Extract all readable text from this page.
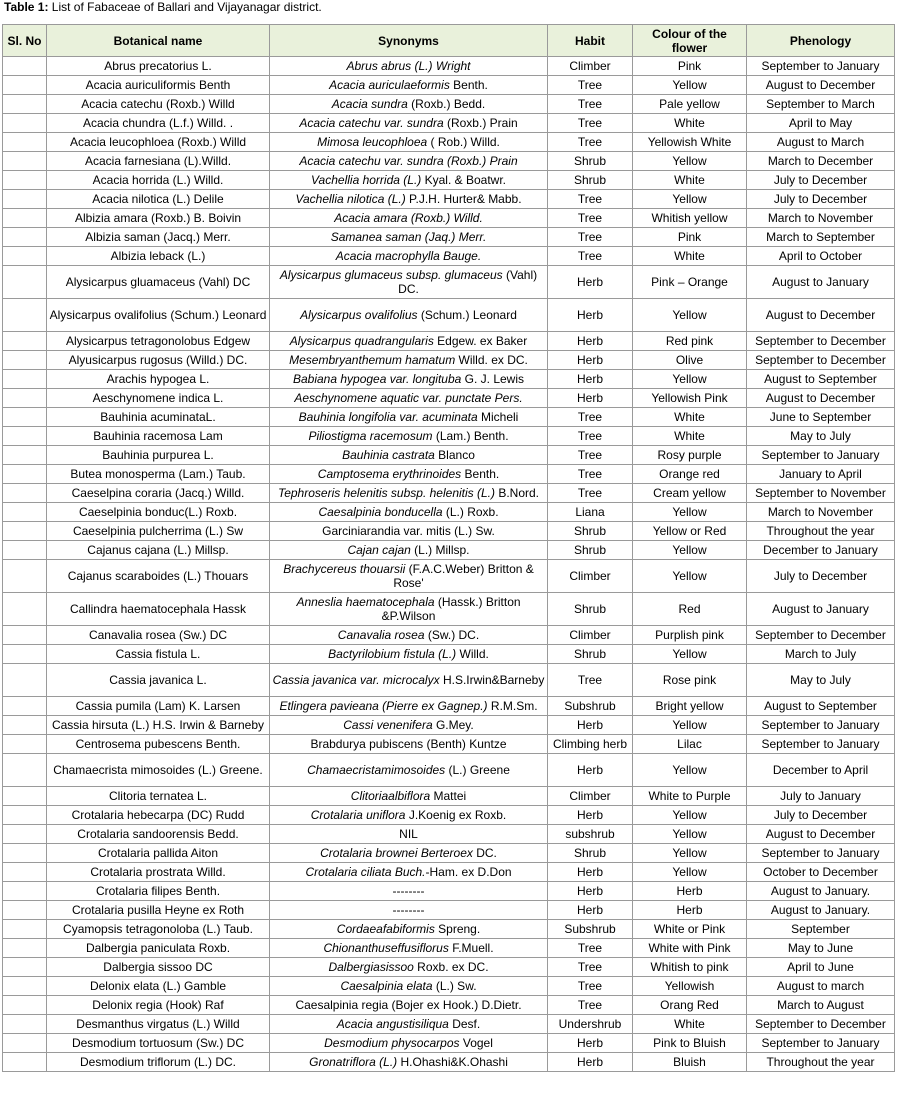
Table 1: List of Fabaceae of Ballari and Vijayanagar district.
Sl. No	Botanical name	Synonyms	Habit	Colour of the flower	Phenology
	Abrus precatorius L.	Abrus abrus (L.) Wright	Climber	Pink	September to January
	Acacia auriculiformis Benth	Acacia auriculaeformis Benth.	Tree	Yellow	August to December
	Acacia catechu (Roxb.) Willd	Acacia sundra (Roxb.) Bedd.	Tree	Pale yellow	September to March
	Acacia chundra (L.f.) Willd. .	Acacia catechu var. sundra (Roxb.) Prain	Tree	White	April to May
	Acacia leucophloea (Roxb.) Willd	Mimosa leucophloea ( Rob.) Willd.	Tree	Yellowish White	August to March
	Acacia farnesiana (L).Willd.	Acacia catechu var. sundra (Roxb.) Prain	Shrub	Yellow	March to December
	Acacia horrida (L.) Willd.	Vachellia horrida (L.) Kyal. & Boatwr.	Shrub	White	July to December
	Acacia nilotica (L.) Delile	Vachellia nilotica (L.) P.J.H. Hurter& Mabb.	Tree	Yellow	July to December
	Albizia amara (Roxb.) B. Boivin	Acacia amara (Roxb.) Willd.	Tree	Whitish yellow	March to November
	Albizia saman (Jacq.) Merr.	Samanea saman (Jaq.) Merr.	Tree	Pink	March to September
	Albizia leback (L.)	Acacia macrophylla Bauge.	Tree	White	April to October
	Alysicarpus gluamaceus (Vahl) DC	Alysicarpus glumaceus subsp. glumaceus (Vahl) DC.	Herb	Pink – Orange	August to January
	Alysicarpus ovalifolius (Schum.) Leonard	Alysicarpus ovalifolius (Schum.) Leonard	Herb	Yellow	August to December
	Alysicarpus tetragonolobus Edgew	Alysicarpus quadrangularis Edgew. ex Baker	Herb	Red pink	September to December
	Alyusicarpus rugosus (Willd.) DC.	Mesembryanthemum hamatum Willd. ex DC.	Herb	Olive	September to December
	Arachis hypogea L.	Babiana hypogea var. longituba G. J. Lewis	Herb	Yellow	August to September
	Aeschynomene indica L.	Aeschynomene aquatic var. punctate Pers.	Herb	Yellowish Pink	August to December
	Bauhinia acuminataL.	Bauhinia longifolia var. acuminata Micheli	Tree	White	June to September
	Bauhinia racemosa Lam	Piliostigma racemosum (Lam.) Benth.	Tree	White	May to July
	Bauhinia purpurea L.	Bauhinia castrata Blanco	Tree	Rosy purple	September to January
	Butea monosperma (Lam.) Taub.	Camptosema erythrinoides Benth.	Tree	Orange red	January to April
	Caeselpina coraria (Jacq.) Willd.	Tephroseris helenitis subsp. helenitis (L.) B.Nord.	Tree	Cream yellow	September to November
	Caeselpinia bonduc(L.) Roxb.	Caesalpinia bonducella (L.) Roxb.	Liana	Yellow	March to November
	Caeselpinia pulcherrima (L.) Sw	Garciniarandia var. mitis (L.) Sw.	Shrub	Yellow or Red	Throughout the year
	Cajanus cajana (L.) Millsp.	Cajan cajan (L.) Millsp.	Shrub	Yellow	December to January
	Cajanus scaraboides (L.) Thouars	Brachycereus thouarsii (F.A.C.Weber) Britton & Rose'	Climber	Yellow	July to December
	Callindra haematocephala Hassk	Anneslia haematocephala (Hassk.) Britton &P.Wilson	Shrub	Red	August to January
	Canavalia rosea (Sw.) DC	Canavalia rosea (Sw.) DC.	Climber	Purplish pink	September to December
	Cassia fistula L.	Bactyrilobium fistula (L.) Willd.	Shrub	Yellow	March to July
	Cassia javanica L.	Cassia javanica var. microcalyx H.S.Irwin&Barneby	Tree	Rose pink	May to July
	Cassia pumila (Lam) K. Larsen	Etlingera pavieana (Pierre ex Gagnep.) R.M.Sm.	Subshrub	Bright yellow	August to September
	Cassia hirsuta (L.) H.S. Irwin & Barneby	Cassi venenifera G.Mey.	Herb	Yellow	September to January
	Centrosema pubescens Benth.	Brabdurya pubiscens (Benth) Kuntze	Climbing herb	Lilac	September to January
	Chamaecrista mimosoides (L.) Greene.	Chamaecristamimosoides (L.) Greene	Herb	Yellow	December to April
	Clitoria ternatea L.	Clitoriaalbiflora Mattei	Climber	White to Purple	July to January
	Crotalaria hebecarpa (DC) Rudd	Crotalaria uniflora J.Koenig ex Roxb.	Herb	Yellow	July to December
	Crotalaria sandoorensis Bedd.	NIL	subshrub	Yellow	August to December
	Crotalaria pallida Aiton	Crotalaria brownei Berteroex DC.	Shrub	Yellow	September to January
	Crotalaria prostrata Willd.	Crotalaria ciliata Buch.-Ham. ex D.Don	Herb	Yellow	October to December
	Crotalaria filipes Benth.	--------	Herb	Herb	August to January.
	Crotalaria pusilla Heyne ex Roth	--------	Herb	Herb	August to January.
	Cyamopsis tetragonoloba (L.) Taub.	Cordaeafabiformis Spreng.	Subshrub	White or Pink	September
	Dalbergia paniculata Roxb.	Chionanthuseffusiflorus F.Muell.	Tree	White with Pink	May to June
	Dalbergia sissoo DC	Dalbergiasissoo Roxb. ex DC.	Tree	Whitish to pink	April to June
	Delonix elata (L.) Gamble	Caesalpinia elata (L.) Sw.	Tree	Yellowish	August to march
	Delonix regia (Hook) Raf	Caesalpinia regia (Bojer ex Hook.) D.Dietr.	Tree	Orang Red	March to August
	Desmanthus virgatus (L.) Willd	Acacia angustisiliqua Desf.	Undershrub	White	September to December
	Desmodium tortuosum (Sw.) DC	Desmodium physocarpos Vogel	Herb	Pink to Bluish	September to January
	Desmodium triflorum (L.) DC.	Gronatriflora (L.) H.Ohashi&K.Ohashi	Herb	Bluish	Throughout the year
